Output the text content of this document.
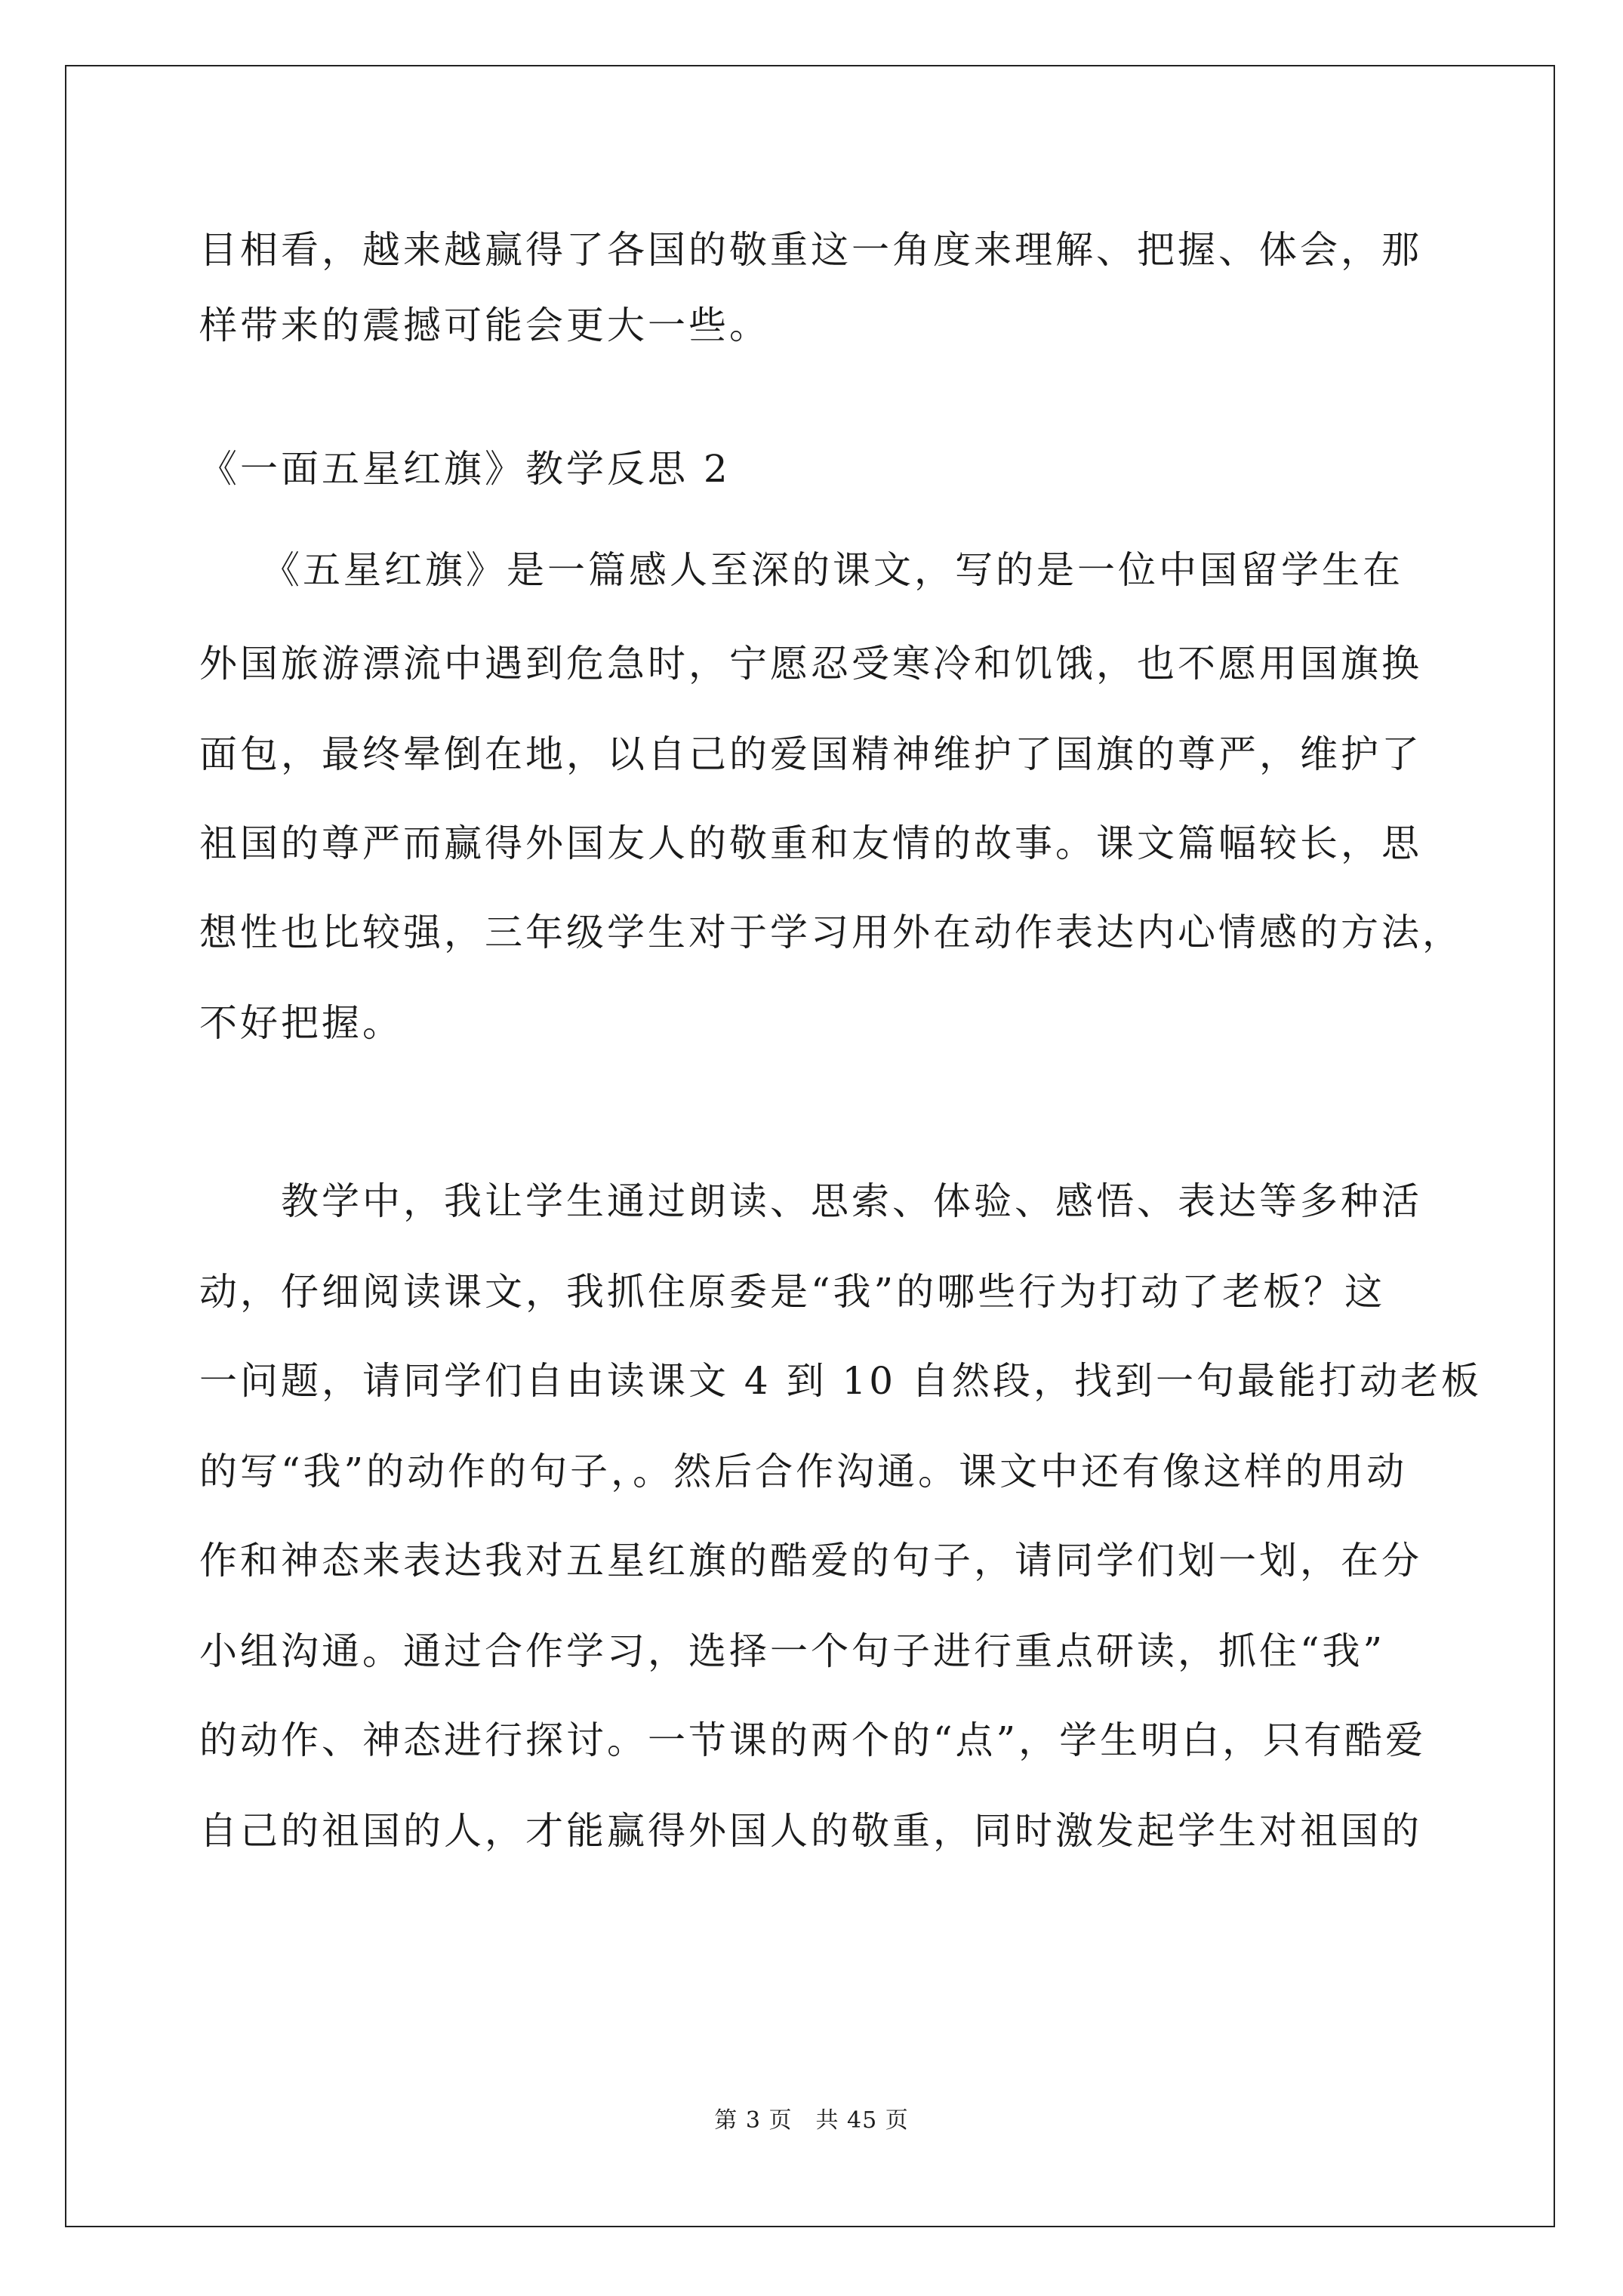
目相看，越来越赢得了各国的敬重这一角度来理解、把握、体会，那

样带来的震撼可能会更大一些。

《一面五星红旗》教学反思 2

　　《五星红旗》是一篇感人至深的课文，写的是一位中国留学生在

外国旅游漂流中遇到危急时，宁愿忍受寒冷和饥饿，也不愿用国旗换

面包，最终晕倒在地，以自己的爱国精神维护了国旗的尊严，维护了

祖国的尊严而赢得外国友人的敬重和友情的故事。课文篇幅较长，思

想性也比较强，三年级学生对于学习用外在动作表达内心情感的方法，

不好把握。

　　教学中，我让学生通过朗读、思索、体验、感悟、表达等多种活

动，仔细阅读课文，我抓住原委是“我”的哪些行为打动了老板？这

一问题，请同学们自由读课文 4 到 10 自然段，找到一句最能打动老板

的写“我”的动作的句子，。然后合作沟通。课文中还有像这样的用动

作和神态来表达我对五星红旗的酷爱的句子，请同学们划一划，在分

小组沟通。通过合作学习，选择一个句子进行重点研读，抓住“我”

的动作、神态进行探讨。一节课的两个的“点”，学生明白，只有酷爱

自己的祖国的人，才能赢得外国人的敬重，同时激发起学生对祖国的

第 3 页　共 45 页
